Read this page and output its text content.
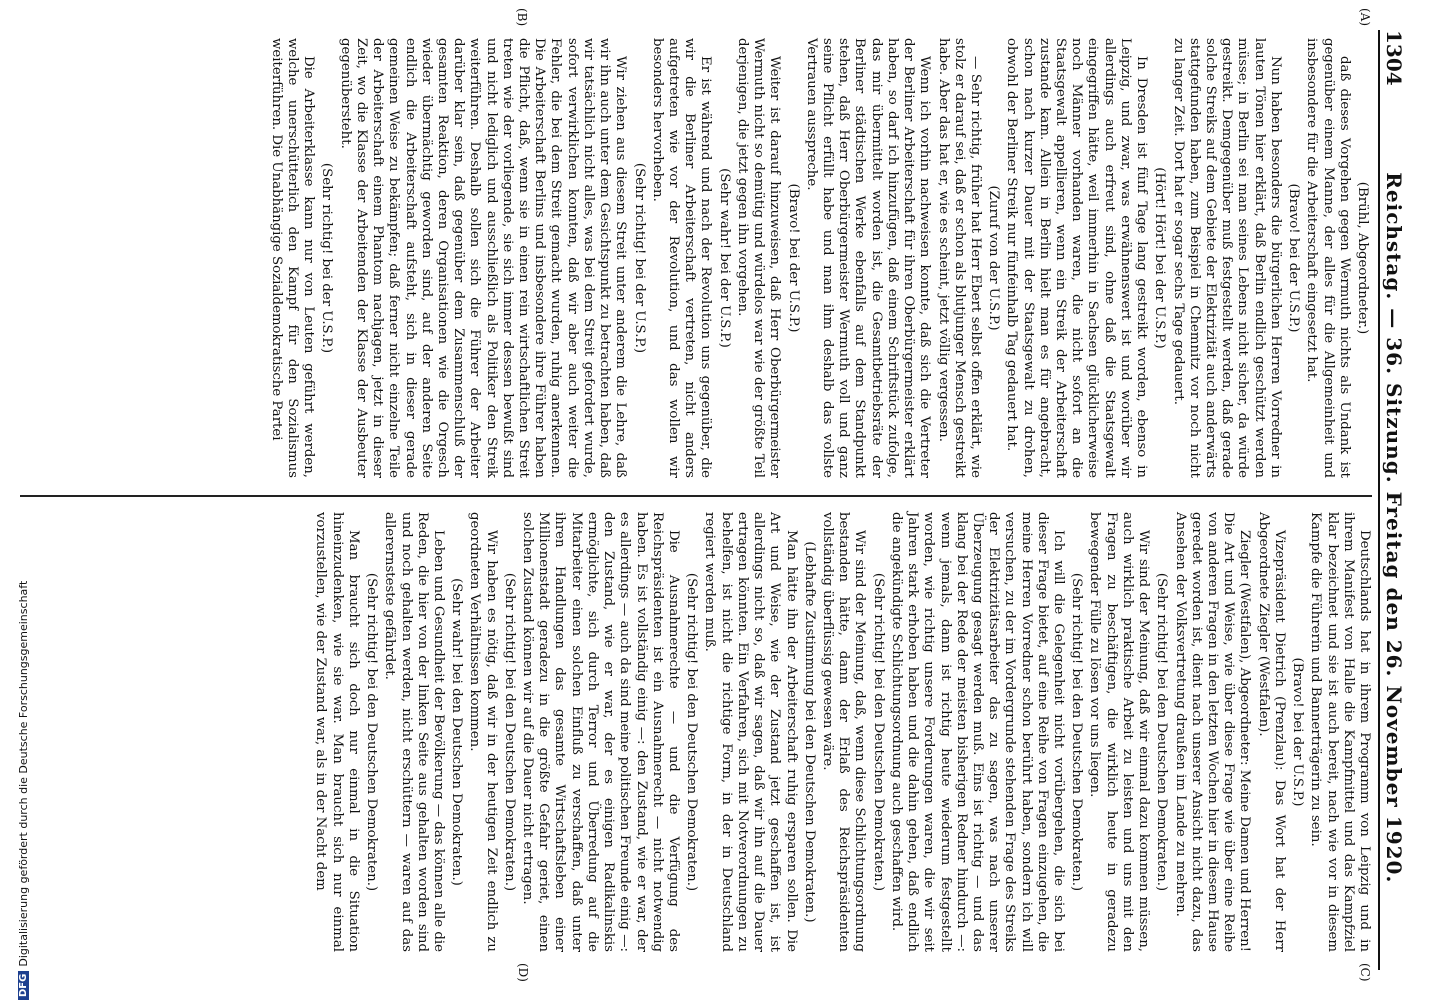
1304
Reichstag. — 36. Sitzung. Freitag den 26. November 1920.
(A)
(B)
(C)
(D)

(Brühl, Abgeordneter.)

daß dieses Vorgehen gegen Wermuth nichts als Undank ist gegenüber einem Manne, der alles für die Allgemeinheit und insbesondere für die Arbeiterschaft eingesetzt hat.

(Bravo! bei der U.S.P.)

Nun haben besonders die bürgerlichen Herren Vorredner in lauten Tönen hier erklärt, daß Berlin endlich geschützt werden müsse; in Berlin sei man seines Lebens nicht sicher, da würde gestreikt. Demgegenüber muß festgestellt werden, daß gerade solche Streiks auf dem Gebiete der Elektrizität auch anderwärts stattgefunden haben, zum Beispiel in Chemnitz vor noch nicht zu langer Zeit. Dort hat er sogar sechs Tage gedauert.

(Hört! Hört! bei der U.S.P.)

In Dresden ist fünf Tage lang gestreikt worden, ebenso in Leipzig, und zwar, was erwähnenswert ist und worüber wir allerdings auch erfreut sind, ohne daß die Staatsgewalt eingegriffen hätte, weil immerhin in Sachsen glücklicherweise noch Männer vorhanden waren, die nicht sofort an die Staatsgewalt appellieren, wenn ein Streik der Arbeiterschaft zustande kam. Allein in Berlin hielt man es für angebracht, schon nach kurzer Dauer mit der Staatsgewalt zu drohen, obwohl der Berliner Streik nur fünfeinhalb Tag gedauert hat.

(Zuruf von der U.S.P.)

— Sehr richtig, früher hat Herr Ebert selbst offen erklärt, wie stolz er darauf sei, daß er schon als blutjunger Mensch gestreikt habe. Aber das hat er, wie es scheint, jetzt völlig vergessen.

Wenn ich vorhin nachweisen konnte, daß sich die Vertreter der Berliner Arbeiterschaft für ihren Oberbürgermeister erklärt haben, so darf ich hinzufügen, daß einem Schriftstück zufolge, das mir übermittelt worden ist, die Gesamtbetriebsräte der Berliner städtischen Werke ebenfalls auf dem Standpunkt stehen, daß Herr Oberbürgermeister Wermuth voll und ganz seine Pflicht erfüllt habe und man ihm deshalb das vollste Vertrauen ausspreche.

(Bravo! bei der U.S.P.)

Weiter ist darauf hinzuweisen, daß Herr Oberbürgermeister Wermuth nicht so demütig und würdelos war wie der größte Teil derjenigen, die jetzt gegen ihn vorgehen.

(Sehr wahr! bei der U.S.P.)

Er ist während und nach der Revolution uns gegenüber, die wir die Berliner Arbeiterschaft vertreten, nicht anders aufgetreten wie vor der Revolution, und das wollen wir besonders hervorheben.

(Sehr richtig! bei der U.S.P.)

Wir ziehen aus diesem Streit unter anderem die Lehre, daß wir ihn auch unter dem Gesichtspunkt zu betrachten haben, daß wir tatsächlich nicht alles, was bei dem Streit gefordert wurde, sofort verwirklichen konnten, daß wir aber auch weiter die Fehler, die bei dem Streit gemacht wurden, ruhig anerkennen. Die Arbeiterschaft Berlins und insbesondere ihre Führer haben die Pflicht, daß, wenn sie in einen rein wirtschaftlichen Streit treten wie der vorliegende, sie sich immer dessen bewußt sind und nicht lediglich und ausschließlich als Politiker den Streik weiterführen. Deshalb sollen sich die Führer der Arbeiter darüber klar sein, daß gegenüber dem Zusammenschluß der gesamten Reaktion, deren Organisationen wie die Orgesch wieder übermächtig geworden sind, auf der anderen Seite endlich die Arbeiterschaft aufsteht, sich in dieser gerade gemeinen Weise zu bekämpfen; daß ferner nicht einzelne Teile der Arbeiterschaft einem Phantom nachjagen, jetzt in dieser Zeit, wo die Klasse der Arbeitenden der Klasse der Ausbeuter gegenübersteht.

(Sehr richtig! bei der U.S.P.)

Die Arbeiterklasse kann nur von Leuten geführt werden, welche unerschütterlich den Kampf für den Sozialismus weiterführen. Die Unabhängige Sozialdemokratische Partei

Deutschlands hat in ihrem Programm von Leipzig und in ihrem Manifest von Halle die Kampfmittel und das Kampfziel klar bezeichnet und sie ist auch bereit, nach wie vor in diesem Kampfe die Führerin und Bannerträgerin zu sein.

(Bravo! bei der U.S.P.)

Vizepräsident Dietrich (Prenzlau): Das Wort hat der Herr Abgeordnete Ziegler (Westfalen).

Ziegler (Westfalen), Abgeordneter: Meine Damen und Herren! Die Art und Weise, wie über diese Frage wie über eine Reihe von anderen Fragen in den letzten Wochen hier in diesem Hause geredet worden ist, dient nach unserer Ansicht nicht dazu, das Ansehen der Volksvertretung draußen im Lande zu mehren.

(Sehr richtig! bei den Deutschen Demokraten.)

Wir sind der Meinung, daß wir einmal dazu kommen müssen, auch wirklich praktische Arbeit zu leisten und uns mit den Fragen zu beschäftigen, die wirklich heute in geradezu bewegender Fülle zu lösen vor uns liegen.

(Sehr richtig! bei den Deutschen Demokraten.)

Ich will die Gelegenheit nicht vorübergehen, die sich bei dieser Frage bietet, auf eine Reihe von Fragen einzugehen, die meine Herren Vorredner schon berührt haben, sondern ich will versuchen, zu der im Vordergrunde stehenden Frage des Streiks der Elektrizitätsarbeiter das zu sagen, was nach unserer Überzeugung gesagt werden muß. Eins ist richtig — und das klang bei der Rede der meisten bisherigen Redner hindurch —: wenn jemals, dann ist richtig heute wiederum festgestellt worden, wie richtig unsere Forderungen waren, die wir seit Jahren stark erhoben haben und die dahin gehen, daß endlich die angekündigte Schlichtungsordnung auch geschaffen wird.

(Sehr richtig! bei den Deutschen Demokraten.)

Wir sind der Meinung, daß, wenn diese Schlichtungsordnung bestanden hätte, dann der Erlaß des Reichspräsidenten vollständig überflüssig gewesen wäre.

(Lebhafte Zustimmung bei den Deutschen Demokraten.)

Man hätte ihn der Arbeiterschaft ruhig ersparen sollen. Die Art und Weise, wie der Zustand jetzt geschaffen ist, ist allerdings nicht so, daß wir sagen, daß wir ihn auf die Dauer ertragen könnten. Ein Verfahren, sich mit Notverordnungen zu behelfen, ist nicht die richtige Form, in der in Deutschland regiert werden muß.

(Sehr richtig! bei den Deutschen Demokraten.)

Die Ausnahmerechte — und die Verfügung des Reichspräsidenten ist ein Ausnahmerecht — nicht notwendig haben. Es ist vollständig einig —: den Zustand, wie er war, der es allerdings — auch da sind meine politischen Freunde einig —: den Zustand, wie er war, der es einigen Radikalinskis ermöglichte, sich durch Terror und Überredung auf die Mitarbeiter einen solchen Einfluß zu verschaffen, daß unter ihren Handlungen das gesamte Wirtschaftsleben einer Millionenstadt geradezu in die größte Gefahr geriet, einen solchen Zustand können wir auf die Dauer nicht ertragen.

(Sehr richtig! bei den Deutschen Demokraten.)

Wir haben es nötig, daß wir in der heutigen Zeit endlich zu geordneten Verhältnissen kommen.

(Sehr wahr! bei den Deutschen Demokraten.)

Leben und Gesundheit der Bevölkerung — das können alle die Reden, die hier von der linken Seite aus gehalten worden sind und noch gehalten werden, nicht erschüttern — waren auf das allerernsteste gefährdet.

(Sehr richtig! bei den Deutschen Demokraten.)

Man braucht sich doch nur einmal in die Situation hineinzudenken, wie sie war. Man braucht sich nur einmal vorzustellen, wie der Zustand war, als in der Nacht dem

DFG
Digitalisierung gefördert durch die Deutsche Forschungsgemeinschaft
